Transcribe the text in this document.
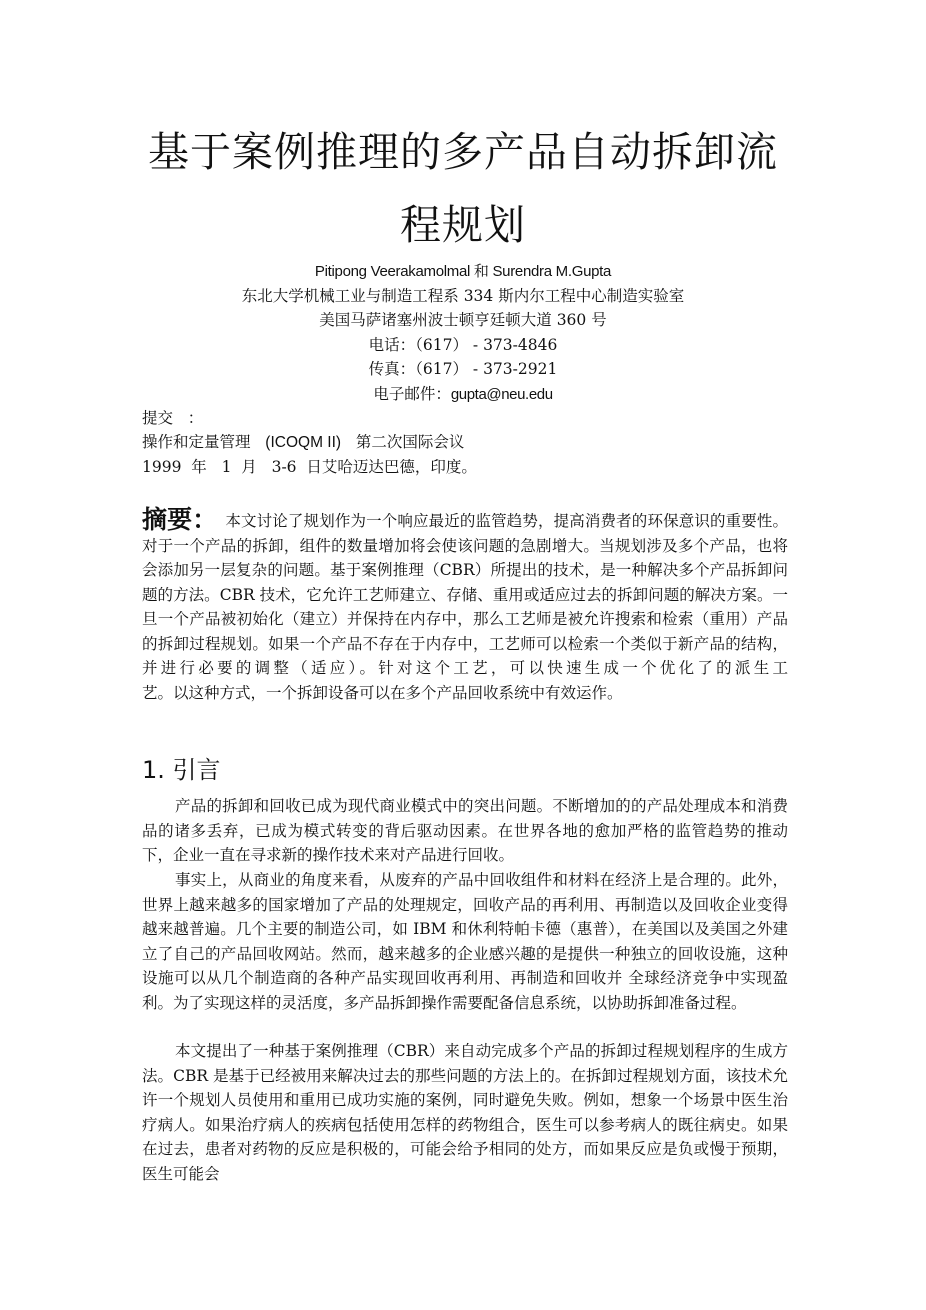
基于案例推理的多产品自动拆卸流
程规划

Pitipong Veerakamolmal 和 Surendra M.Gupta

东北大学机械工业与制造工程系 334 斯内尔工程中心制造实验室

美国马萨诸塞州波士顿亨廷顿大道 360 号

电话：（617） - 373-4846

传真：（617） - 373-2921

电子邮件：gupta@neu.edu

提交   ：

操作和定量管理   (ICOQM II)   第二次国际会议

1999  年   1  月   3-6  日艾哈迈达巴德，印度。

摘要： 本文讨论了规划作为一个响应最近的监管趋势，提高消费者的环保意识的重要性。对于一个产品的拆卸，组件的数量增加将会使该问题的急剧增大。当规划涉及多个产品，也将会添加另一层复杂的问题。基于案例推理（CBR）所提出的技术，是一种解决多个产品拆卸问题的方法。CBR 技术，它允许工艺师建立、存储、重用或适应过去的拆卸问题的解决方案。一旦一个产品被初始化（建立）并保持在内存中，那么工艺师是被允许搜索和检索（重用）产品的拆卸过程规划。如果一个产品不存在于内存中，工艺师可以检索一个类似于新产品的结构，并进行必要的调整（适应）。针对这个工艺，可以快速生成一个优化了的派生工
艺。以这种方式，一个拆卸设备可以在多个产品回收系统中有效运作。
1. 引言

产品的拆卸和回收已成为现代商业模式中的突出问题。不断增加的的产品处理成本和消费品的诸多丢弃，已成为模式转变的背后驱动因素。在世界各地的愈加严格的监管趋势的推动下，企业一直在寻求新的操作技术来对产品进行回收。

事实上，从商业的角度来看，从废弃的产品中回收组件和材料在经济上是合理的。此外，世界上越来越多的国家增加了产品的处理规定，回收产品的再利用、再制造以及回收企业变得越来越普遍。几个主要的制造公司，如 IBM 和休利特帕卡德（惠普），在美国以及美国之外建立了自己的产品回收网站。然而，越来越多的企业感兴趣的是提供一种独立的回收设施，这种设施可以从几个制造商的各种产品实现回收再利用、再制造和回收并 全球经济竞争中实现盈利。为了实现这样的灵活度，多产品拆卸操作需要配备信息系统，以协助拆卸准备过程。

本文提出了一种基于案例推理（CBR）来自动完成多个产品的拆卸过程规划程序的生成方法。CBR 是基于已经被用来解决过去的那些问题的方法上的。在拆卸过程规划方面，该技术允许一个规划人员使用和重用已成功实施的案例，同时避免失败。例如，想象一个场景中医生治疗病人。如果治疗病人的疾病包括使用怎样的药物组合，医生可以参考病人的既往病史。如果在过去，患者对药物的反应是积极的，可能会给予相同的处方，而如果反应是负或慢于预期，医生可能会
